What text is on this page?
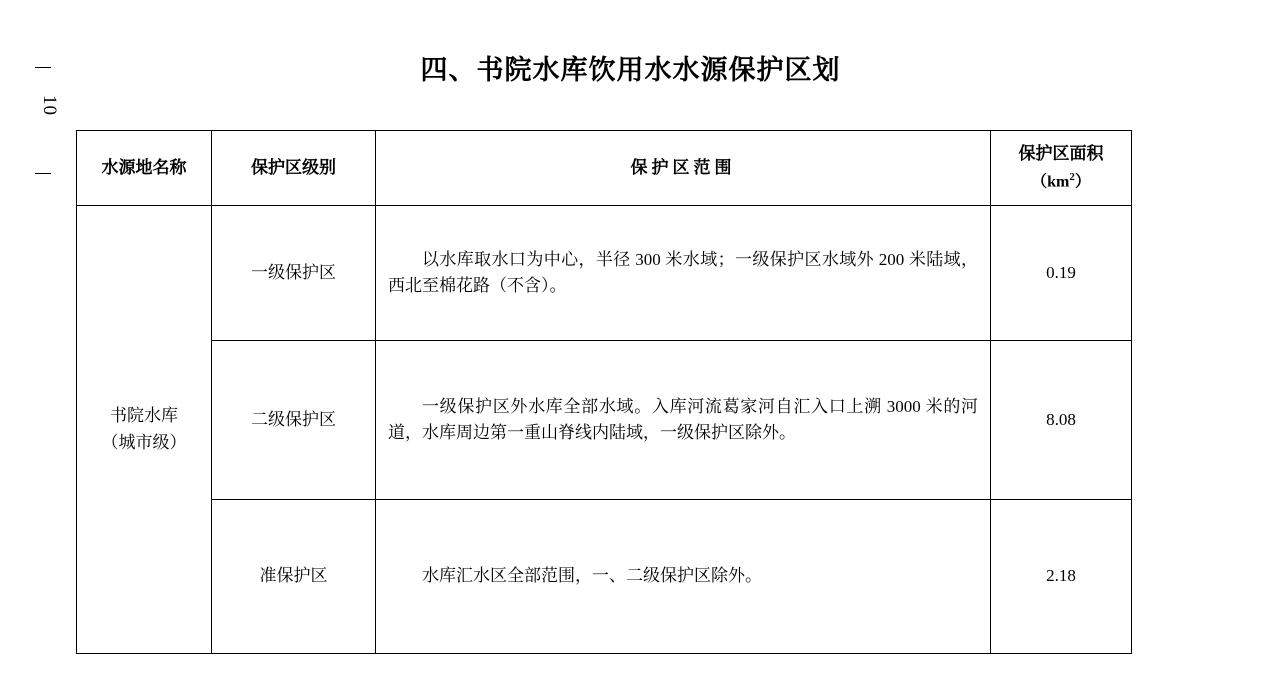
10
四、书院水库饮用水水源保护区划
水源地名称	保护区级别	保护区范围	保护区面积
$(km^2)$

书院水库
（城市级）	一级保护区	以水库取水口为中心，半径 300 米水域；一级保护区水域外 200 米陆域，西北至棉花路（不含）。	0.19
	二级保护区	一级保护区外水库全部水域。入库河流葛家河自汇入口上溯 3000 米的河道，水库周边第一重山脊线内陆域，一级保护区除外。	8.08
	准保护区	水库汇水区全部范围，一、二级保护区除外。	2.18
